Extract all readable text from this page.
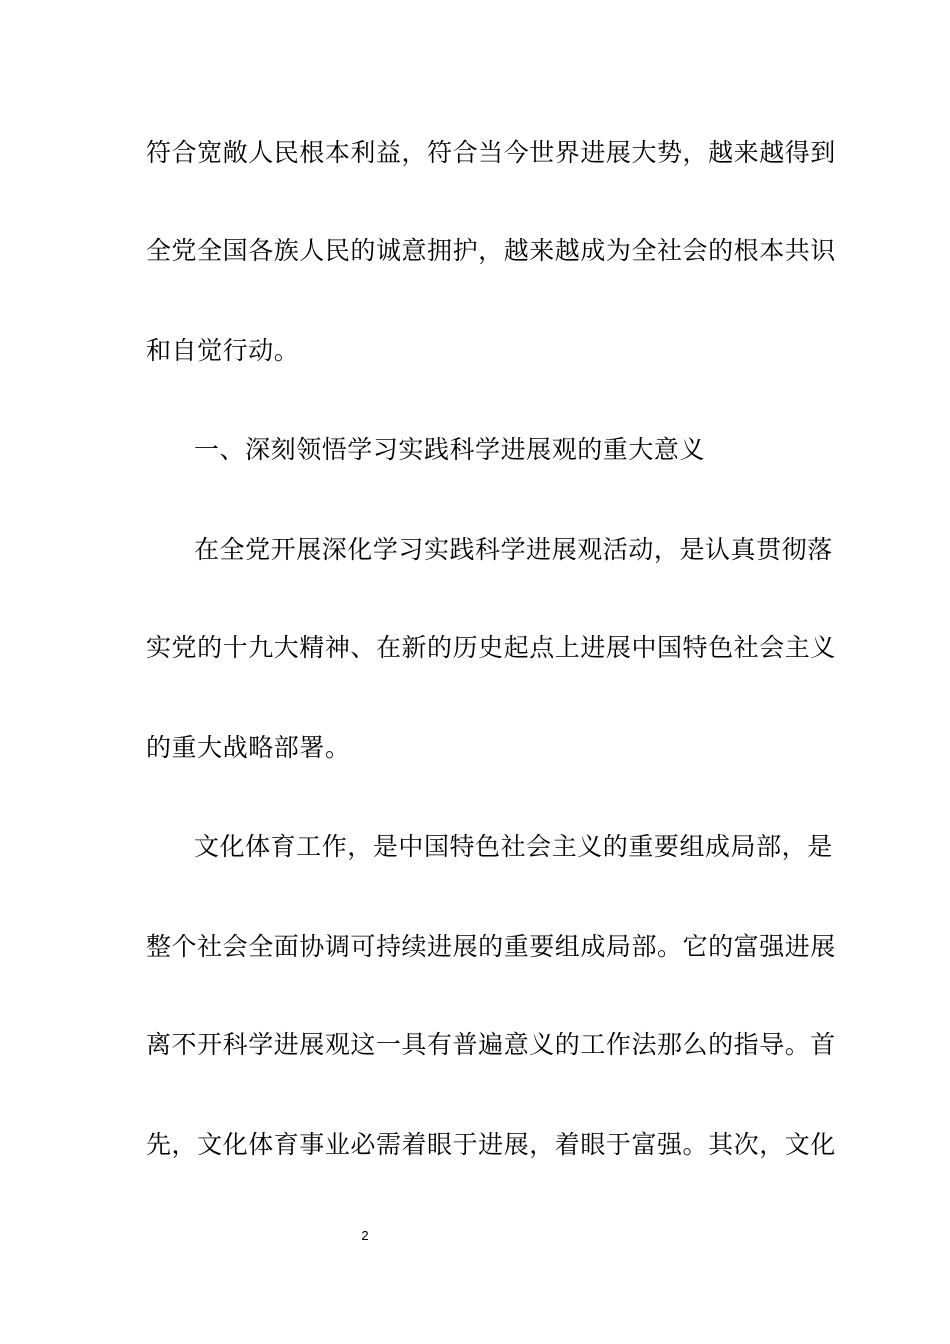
符合宽敞人民根本利益，符合当今世界进展大势，越来越得到
全党全国各族人民的诚意拥护，越来越成为全社会的根本共识
和自觉行动。
一、深刻领悟学习实践科学进展观的重大意义
在全党开展深化学习实践科学进展观活动，是认真贯彻落
实党的十九大精神、在新的历史起点上进展中国特色社会主义
的重大战略部署。
文化体育工作，是中国特色社会主义的重要组成局部，是
整个社会全面协调可持续进展的重要组成局部。它的富强进展
离不开科学进展观这一具有普遍意义的工作法那么的指导。首
先，文化体育事业必需着眼于进展，着眼于富强。其次，文化
2
